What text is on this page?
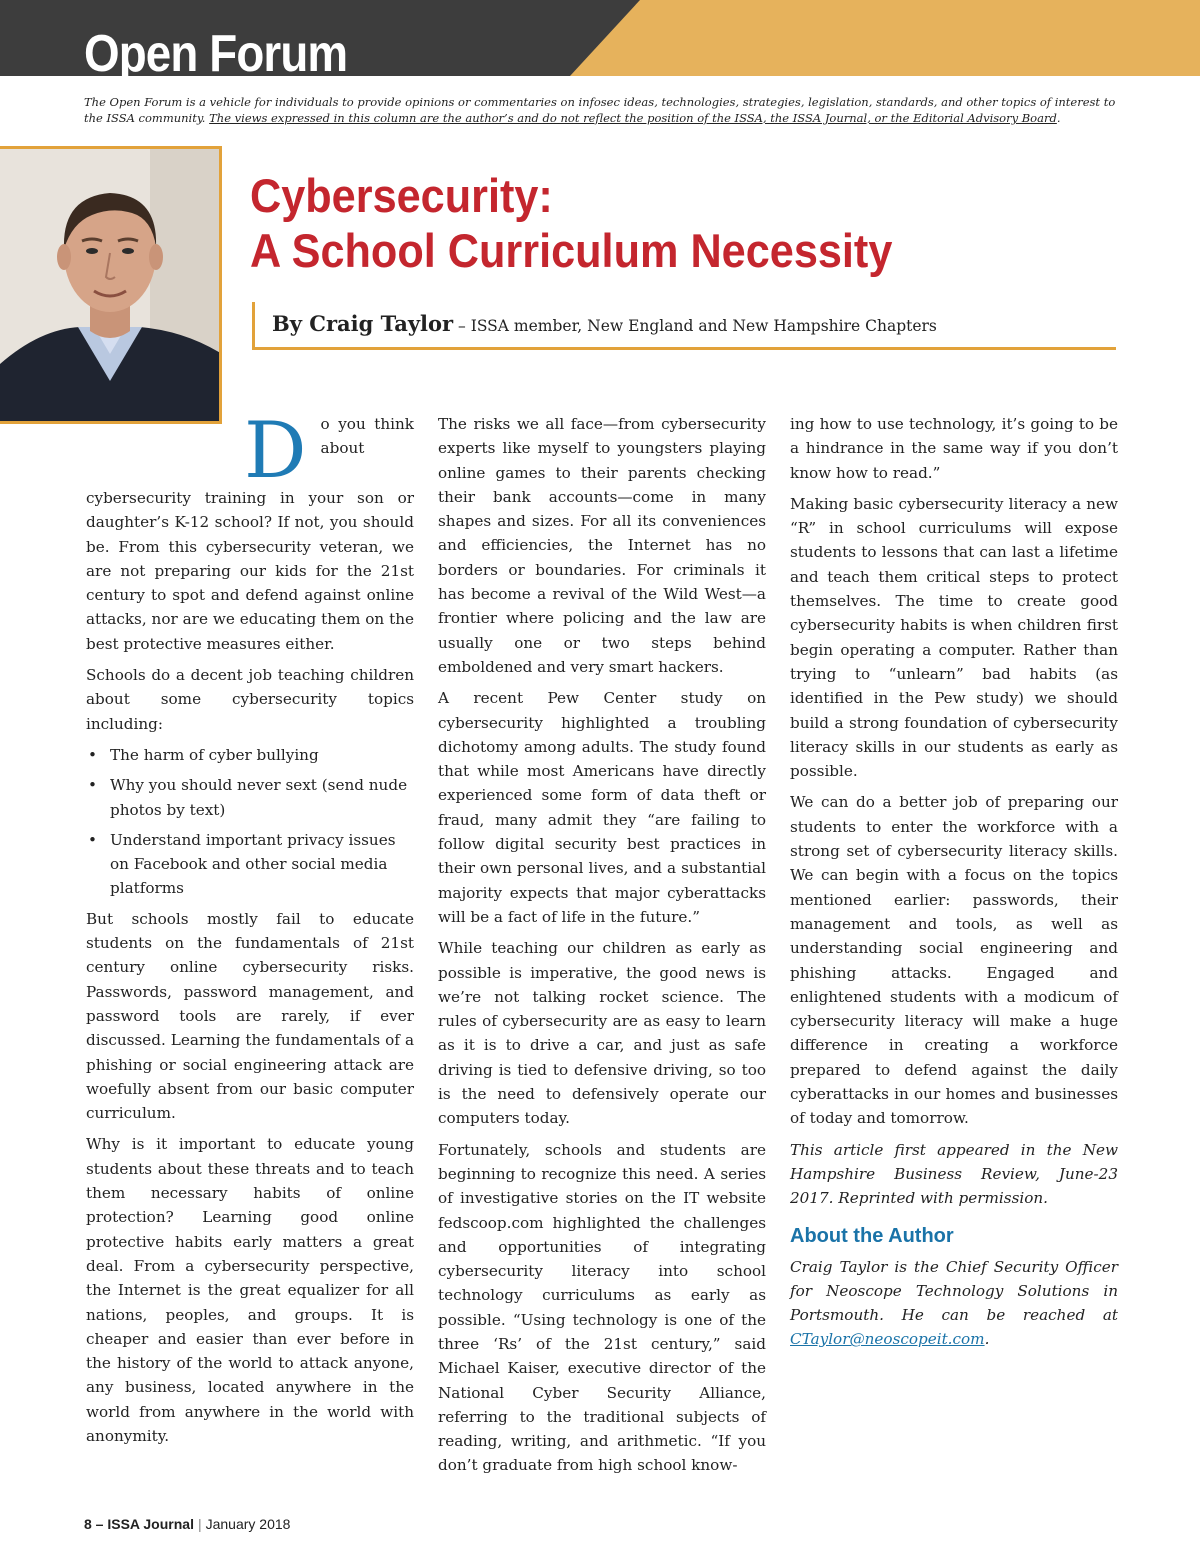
Open Forum
The Open Forum is a vehicle for individuals to provide opinions or commentaries on infosec ideas, technologies, strategies, legislation, standards, and other topics of interest to the ISSA community. The views expressed in this column are the author’s and do not reflect the position of the ISSA, the ISSA Journal, or the Editorial Advisory Board.
Cybersecurity:
A School Curriculum Necessity
By Craig Taylor – ISSA member, New England and New Hampshire Chapters

Do you think about cybersecurity training in your son or daughter’s K-12 school? If not, you should be. From this cybersecurity veteran, we are not preparing our kids for the 21st century to spot and defend against online attacks, nor are we educating them on the best protective measures either.

Schools do a decent job teaching children about some cybersecurity topics including:

• The harm of cyber bullying
• Why you should never sext (send nude photos by text)
• Understand important privacy issues on Facebook and other social media platforms

But schools mostly fail to educate students on the fundamentals of 21st century online cybersecurity risks. Passwords, password management, and password tools are rarely, if ever discussed. Learning the fundamentals of a phishing or social engineering attack are woefully absent from our basic computer curriculum.

Why is it important to educate young students about these threats and to teach them necessary habits of online protection? Learning good online protective habits early matters a great deal. From a cybersecurity perspective, the Internet is the great equalizer for all nations, peoples, and groups. It is cheaper and easier than ever before in the history of the world to attack anyone, any business, located anywhere in the world from anywhere in the world with anonymity.

The risks we all face—from cybersecurity experts like myself to youngsters playing online games to their parents checking their bank accounts—come in many shapes and sizes. For all its conveniences and efficiencies, the Internet has no borders or boundaries. For criminals it has become a revival of the Wild West—a frontier where policing and the law are usually one or two steps behind emboldened and very smart hackers.

A recent Pew Center study on cybersecurity highlighted a troubling dichotomy among adults. The study found that while most Americans have directly experienced some form of data theft or fraud, many admit they “are failing to follow digital security best practices in their own personal lives, and a substantial majority expects that major cyberattacks will be a fact of life in the future.”

While teaching our children as early as possible is imperative, the good news is we’re not talking rocket science. The rules of cybersecurity are as easy to learn as it is to drive a car, and just as safe driving is tied to defensive driving, so too is the need to defensively operate our computers today.

Fortunately, schools and students are beginning to recognize this need. A series of investigative stories on the IT website fedscoop.com highlighted the challenges and opportunities of integrating cybersecurity literacy into school technology curriculums as early as possible. “Using technology is one of the three ‘Rs’ of the 21st century,” said Michael Kaiser, executive director of the National Cyber Security Alliance, referring to the traditional subjects of reading, writing, and arithmetic. “If you don’t graduate from high school know-

ing how to use technology, it’s going to be a hindrance in the same way if you don’t know how to read.”

Making basic cybersecurity literacy a new “R” in school curriculums will expose students to lessons that can last a lifetime and teach them critical steps to protect themselves. The time to create good cybersecurity habits is when children first begin operating a computer. Rather than trying to “unlearn” bad habits (as identified in the Pew study) we should build a strong foundation of cybersecurity literacy skills in our students as early as possible.

We can do a better job of preparing our students to enter the workforce with a strong set of cybersecurity literacy skills. We can begin with a focus on the topics mentioned earlier: passwords, their management and tools, as well as understanding social engineering and phishing attacks. Engaged and enlightened students with a modicum of cybersecurity literacy will make a huge difference in creating a workforce prepared to defend against the daily cyberattacks in our homes and businesses of today and tomorrow.

This article first appeared in the New Hampshire Business Review, June-23 2017. Reprinted with permission.

About the Author

Craig Taylor is the Chief Security Officer for Neoscope Technology Solutions in Portsmouth. He can be reached at CTaylor@neoscopeit.com.

8 – ISSA Journal | January 2018
